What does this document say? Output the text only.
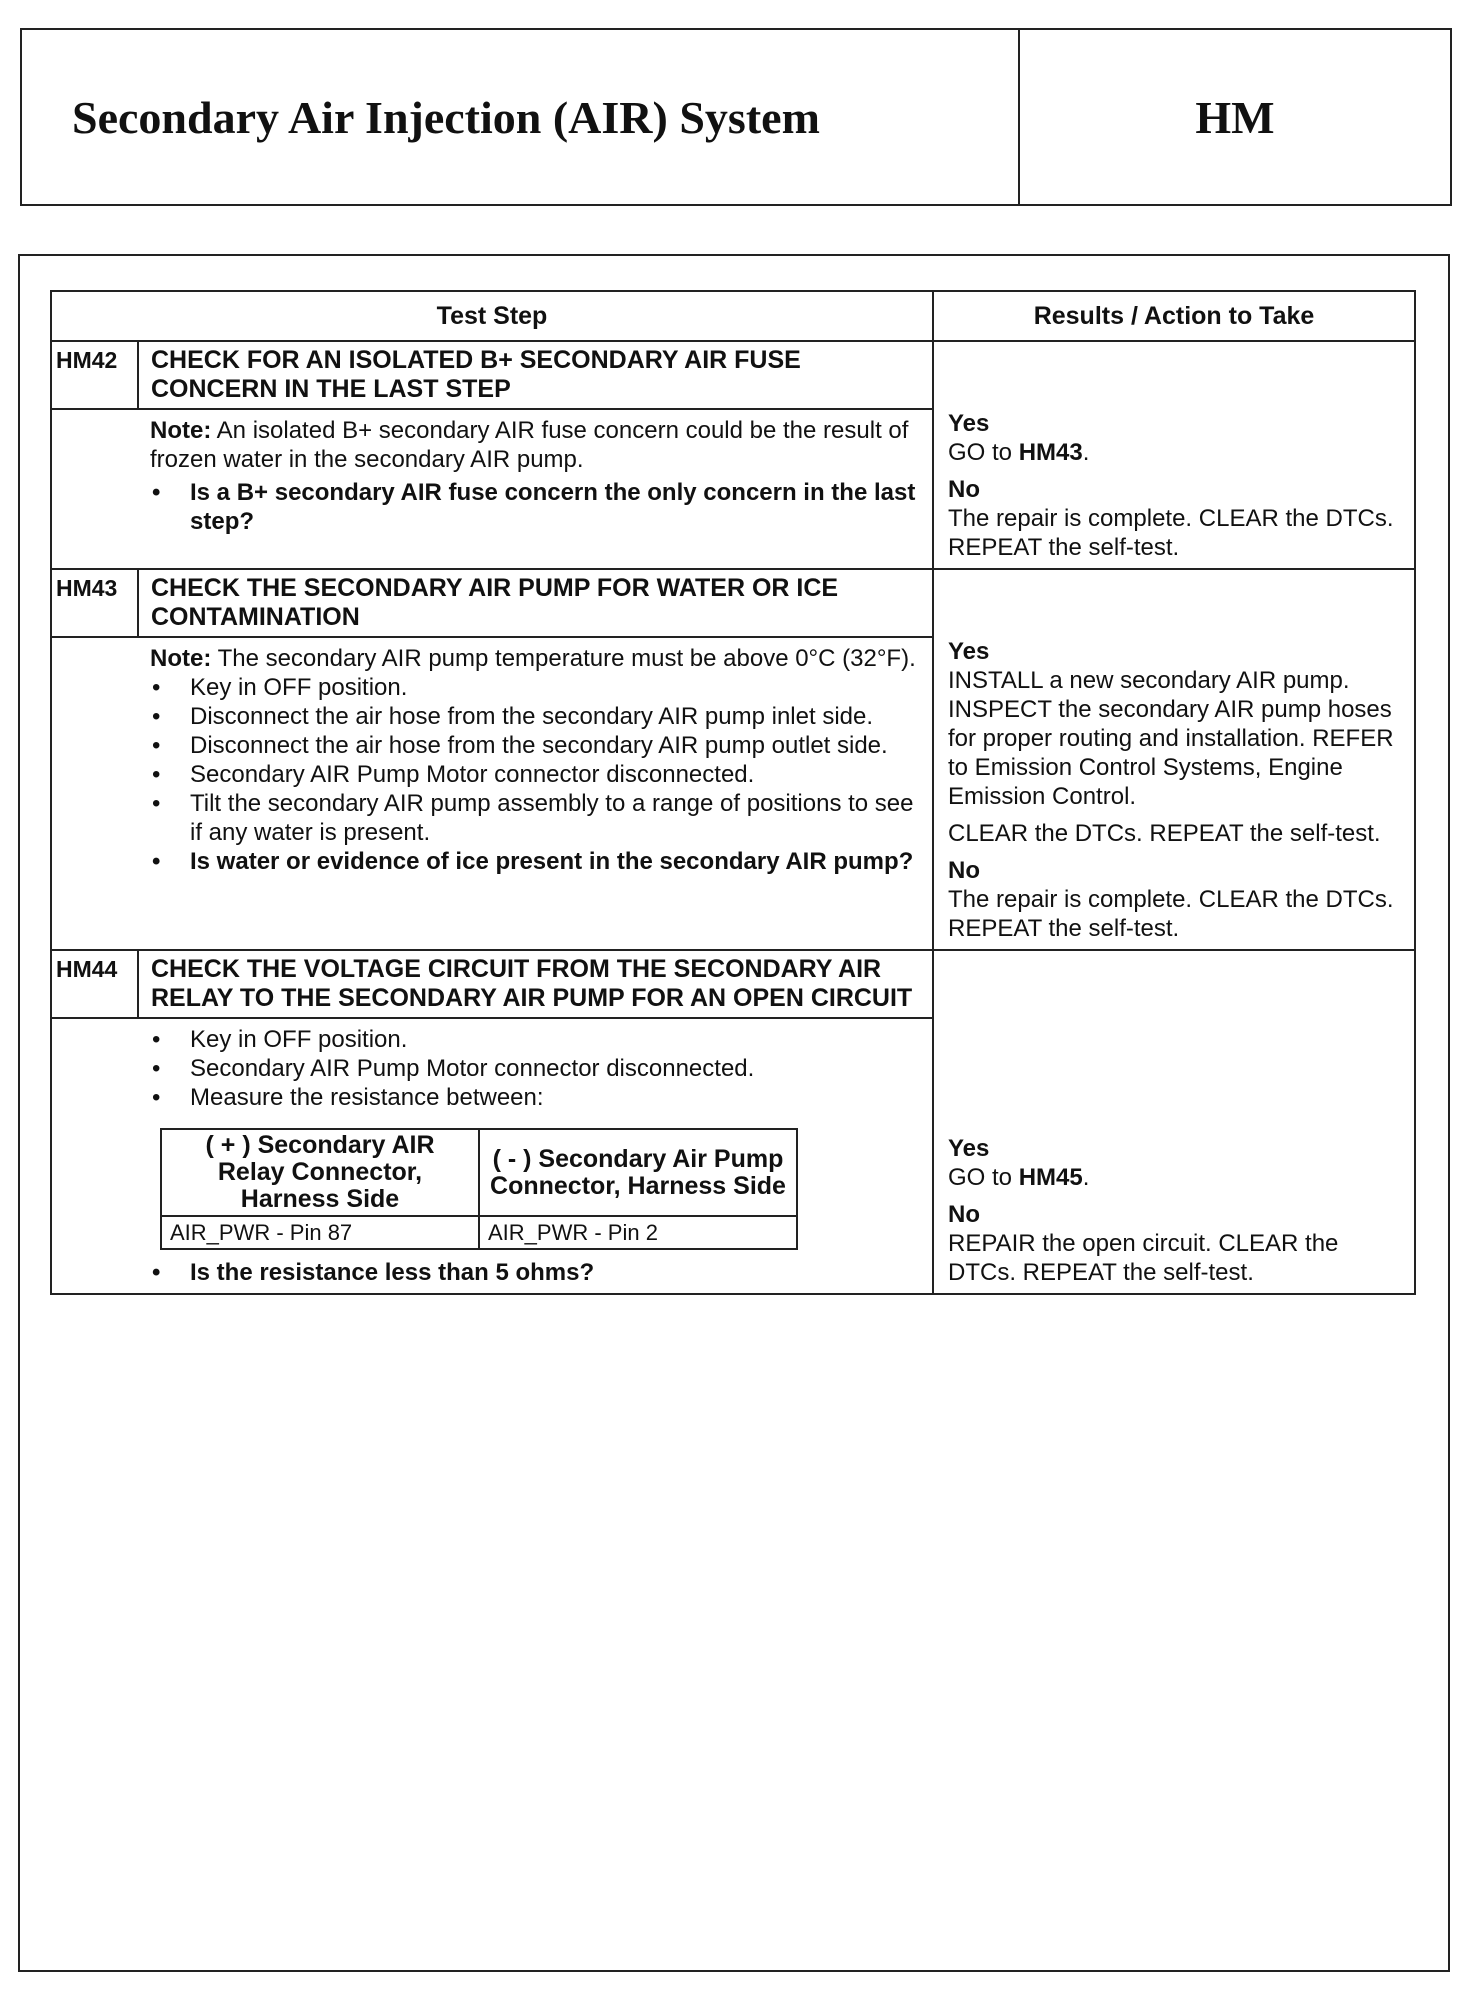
Secondary Air Injection (AIR) System	HM
Test Step	Results / Action to Take
HM42	CHECK FOR AN ISOLATED B+ SECONDARY AIR FUSE CONCERN IN THE LAST STEP	

Note: An isolated B+ secondary AIR fuse concern could be the result of frozen water in the secondary AIR pump.

• Is a B+ secondary AIR fuse concern the only concern in the last step?

Yes
GO to HM43.
No
The repair is complete. CLEAR the DTCs. REPEAT the self-test.

HM43	CHECK THE SECONDARY AIR PUMP FOR WATER OR ICE CONTAMINATION	

Note: The secondary AIR pump temperature must be above 0°C (32°F).

• Key in OFF position.
• Disconnect the air hose from the secondary AIR pump inlet side.
• Disconnect the air hose from the secondary AIR pump outlet side.
• Secondary AIR Pump Motor connector disconnected.
• Tilt the secondary AIR pump assembly to a range of positions to see if any water is present.
• Is water or evidence of ice present in the secondary AIR pump?

Yes
INSTALL a new secondary AIR pump. INSPECT the secondary AIR pump hoses for proper routing and installation. REFER to Emission Control Systems, Engine Emission Control.
CLEAR the DTCs. REPEAT the self-test.
No
The repair is complete. CLEAR the DTCs. REPEAT the self-test.

HM44	CHECK THE VOLTAGE CIRCUIT FROM THE SECONDARY AIR RELAY TO THE SECONDARY AIR PUMP FOR AN OPEN CIRCUIT	

• Key in OFF position.
• Secondary AIR Pump Motor connector disconnected.
• Measure the resistance between:
( + ) Secondary AIR Relay Connector, Harness Side	( - ) Secondary Air Pump Connector, Harness Side
AIR_PWR - Pin 87	AIR_PWR - Pin 2
• Is the resistance less than 5 ohms?

Yes
GO to HM45.
No
REPAIR the open circuit. CLEAR the DTCs. REPEAT the self-test.
